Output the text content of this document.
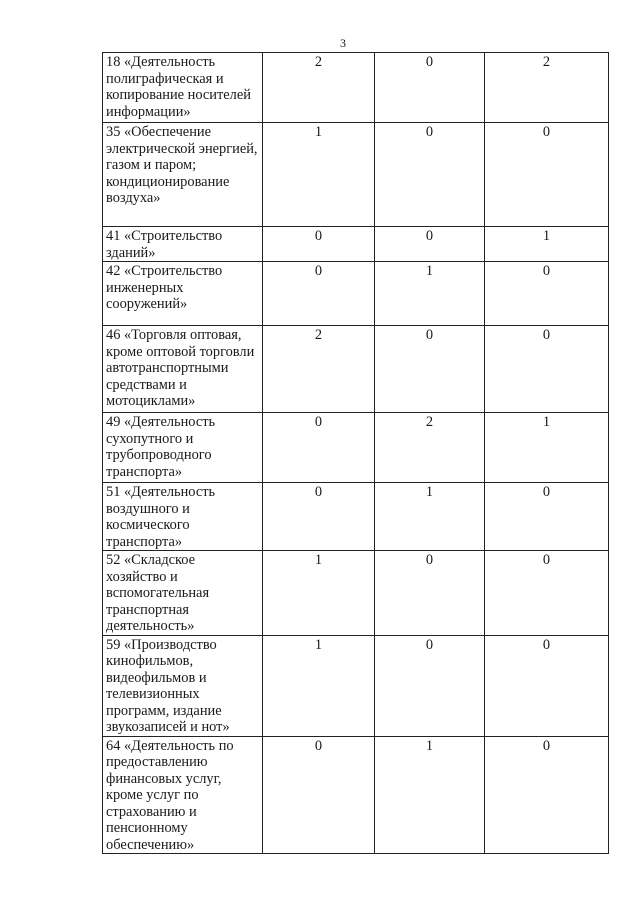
3
18 «Деятельность полиграфическая и копирование носителей информации»	2	0	2
35 «Обеспечение электрической энергией, газом и паром; кондиционирование воздуха»	1	0	0
41 «Строительство зданий»	0	0	1
42 «Строительство инженерных сооружений»	0	1	0
46 «Торговля оптовая, кроме оптовой торговли автотранспортными средствами и мотоциклами»	2	0	0
49 «Деятельность сухопутного и трубопроводного транспорта»	0	2	1
51 «Деятельность воздушного и космического транспорта»	0	1	0
52 «Складское хозяйство и вспомогательная транспортная деятельность»	1	0	0
59 «Производство кинофильмов, видеофильмов и телевизионных программ, издание звукозаписей и нот»	1	0	0
64 «Деятельность по предоставлению финансовых услуг, кроме услуг по страхованию и пенсионному обеспечению»	0	1	0
